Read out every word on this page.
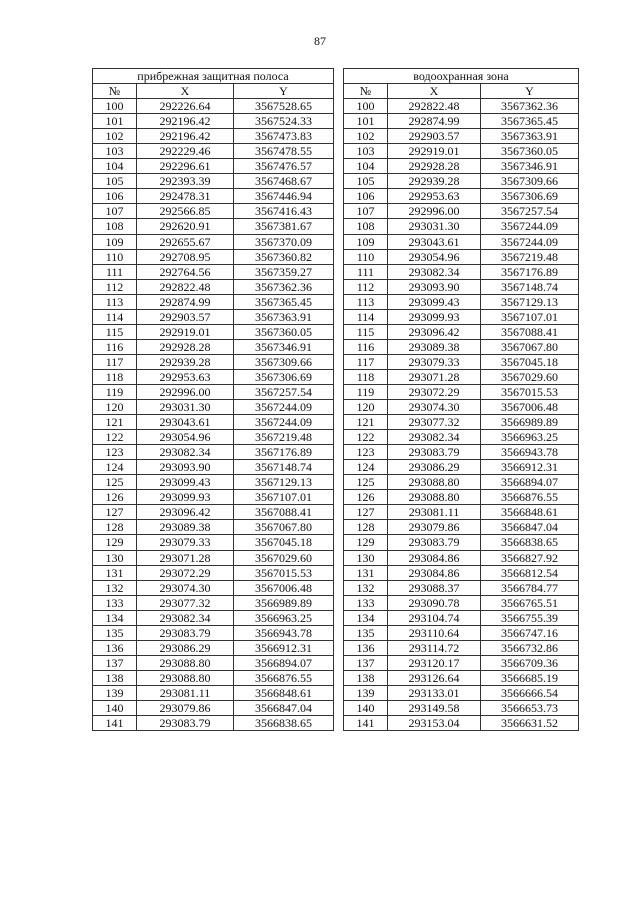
87
прибрежная защитная полоса		
№	X	Y
100	292226.64	3567528.65
101	292196.42	3567524.33
102	292196.42	3567473.83
103	292229.46	3567478.55
104	292296.61	3567476.57
105	292393.39	3567468.67
106	292478.31	3567446.94
107	292566.85	3567416.43
108	292620.91	3567381.67
109	292655.67	3567370.09
110	292708.95	3567360.82
111	292764.56	3567359.27
112	292822.48	3567362.36
113	292874.99	3567365.45
114	292903.57	3567363.91
115	292919.01	3567360.05
116	292928.28	3567346.91
117	292939.28	3567309.66
118	292953.63	3567306.69
119	292996.00	3567257.54
120	293031.30	3567244.09
121	293043.61	3567244.09
122	293054.96	3567219.48
123	293082.34	3567176.89
124	293093.90	3567148.74
125	293099.43	3567129.13
126	293099.93	3567107.01
127	293096.42	3567088.41
128	293089.38	3567067.80
129	293079.33	3567045.18
130	293071.28	3567029.60
131	293072.29	3567015.53
132	293074.30	3567006.48
133	293077.32	3566989.89
134	293082.34	3566963.25
135	293083.79	3566943.78
136	293086.29	3566912.31
137	293088.80	3566894.07
138	293088.80	3566876.55
139	293081.11	3566848.61
140	293079.86	3566847.04
141	293083.79	3566838.65
водоохранная зона		
№	X	Y
100	292822.48	3567362.36
101	292874.99	3567365.45
102	292903.57	3567363.91
103	292919.01	3567360.05
104	292928.28	3567346.91
105	292939.28	3567309.66
106	292953.63	3567306.69
107	292996.00	3567257.54
108	293031.30	3567244.09
109	293043.61	3567244.09
110	293054.96	3567219.48
111	293082.34	3567176.89
112	293093.90	3567148.74
113	293099.43	3567129.13
114	293099.93	3567107.01
115	293096.42	3567088.41
116	293089.38	3567067.80
117	293079.33	3567045.18
118	293071.28	3567029.60
119	293072.29	3567015.53
120	293074.30	3567006.48
121	293077.32	3566989.89
122	293082.34	3566963.25
123	293083.79	3566943.78
124	293086.29	3566912.31
125	293088.80	3566894.07
126	293088.80	3566876.55
127	293081.11	3566848.61
128	293079.86	3566847.04
129	293083.79	3566838.65
130	293084.86	3566827.92
131	293084.86	3566812.54
132	293088.37	3566784.77
133	293090.78	3566765.51
134	293104.74	3566755.39
135	293110.64	3566747.16
136	293114.72	3566732.86
137	293120.17	3566709.36
138	293126.64	3566685.19
139	293133.01	3566666.54
140	293149.58	3566653.73
141	293153.04	3566631.52
